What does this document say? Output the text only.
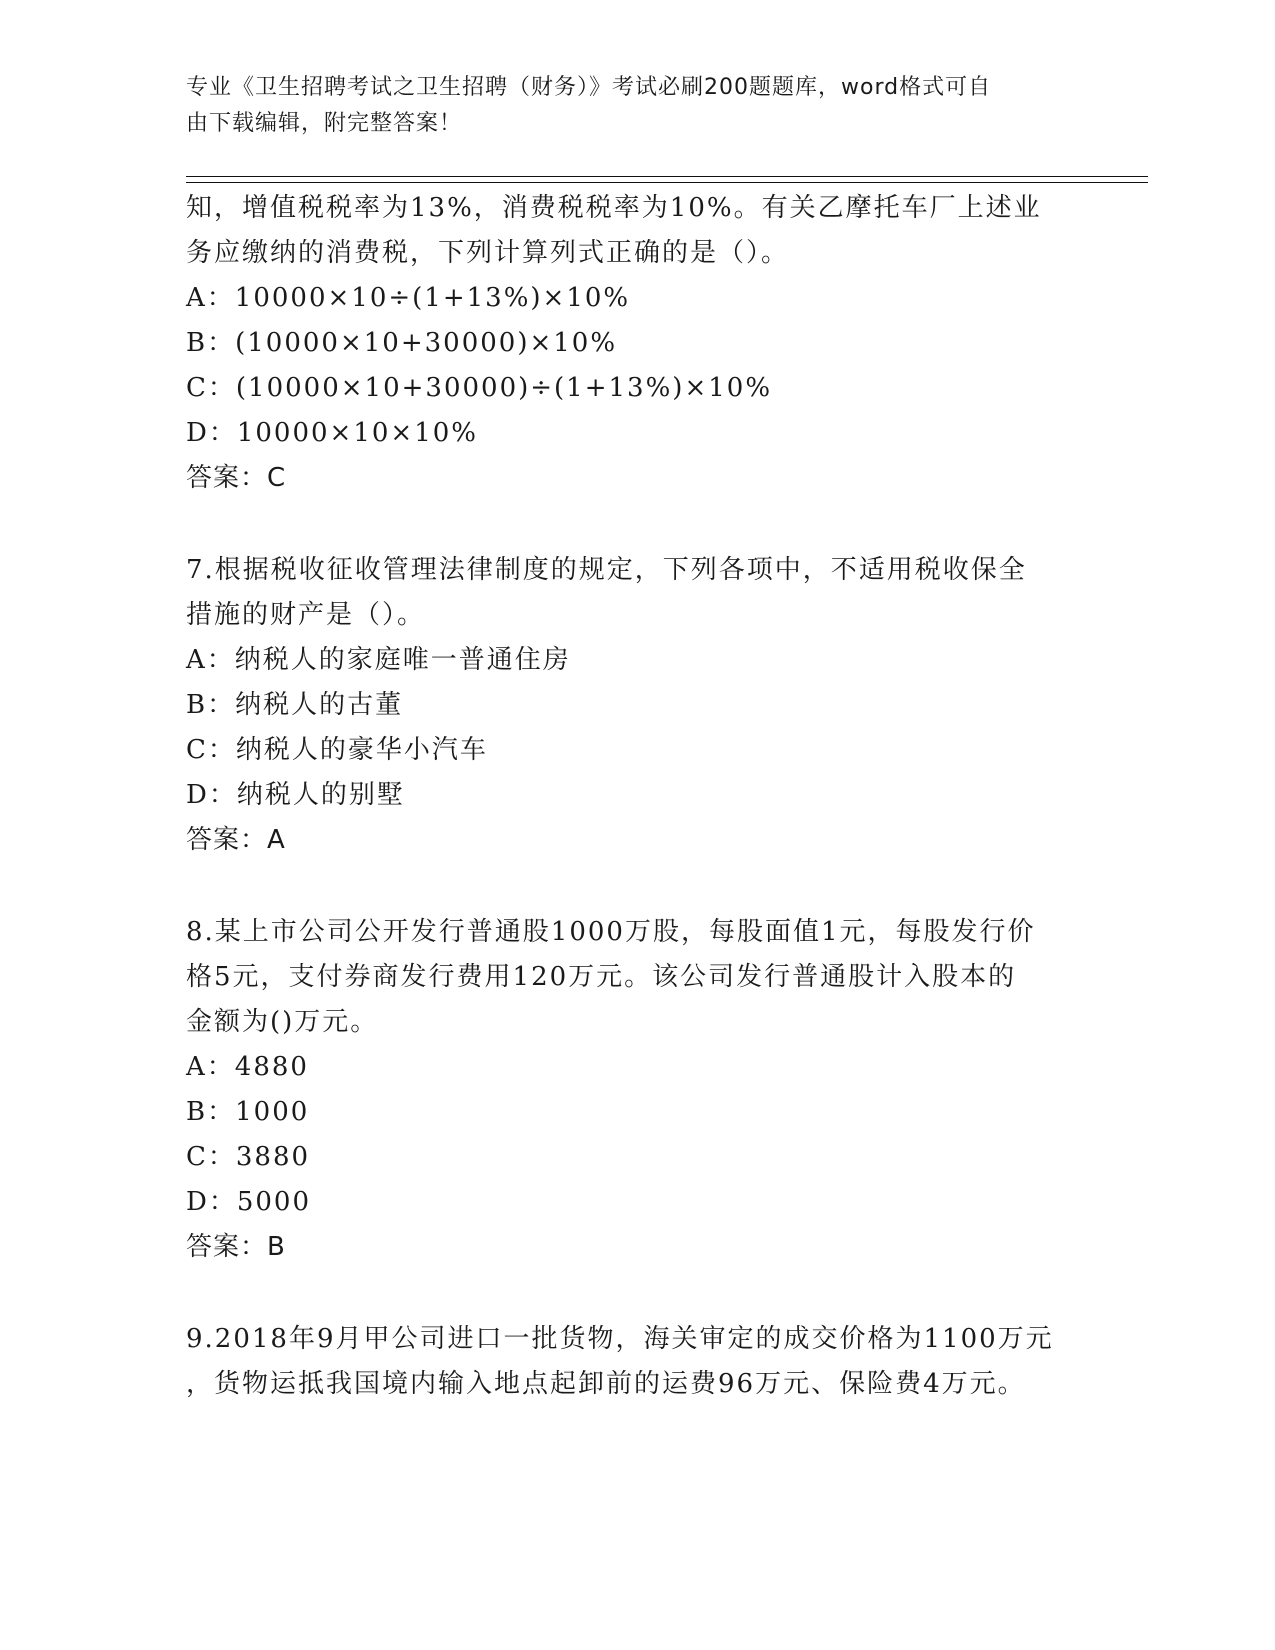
专业《卫生招聘考试之卫生招聘（财务）》考试必刷200题题库，word格式可自
由下载编辑，附完整答案！
知，增值税税率为13%，消费税税率为10%。有关乙摩托车厂上述业
务应缴纳的消费税，下列计算列式正确的是（）。
A：10000×10÷(1+13%)×10%
B：(10000×10+30000)×10%
C：(10000×10+30000)÷(1+13%)×10%
D：10000×10×10%
答案：C
7.根据税收征收管理法律制度的规定，下列各项中，不适用税收保全
措施的财产是（）。
A：纳税人的家庭唯一普通住房
B：纳税人的古董
C：纳税人的豪华小汽车
D：纳税人的别墅
答案：A
8.某上市公司公开发行普通股1000万股，每股面值1元，每股发行价
格5元，支付券商发行费用120万元。该公司发行普通股计入股本的
金额为()万元。
A：4880
B：1000
C：3880
D：5000
答案：B
9.2018年9月甲公司进口一批货物，海关审定的成交价格为1100万元
，货物运抵我国境内输入地点起卸前的运费96万元、保险费4万元。
